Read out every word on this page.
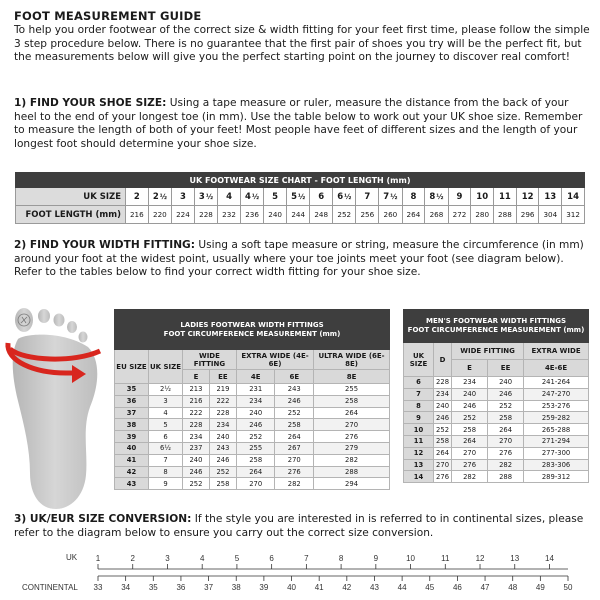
FOOT MEASUREMENT GUIDE
To help you order footwear of the correct size & width fitting for your feet first time, please follow the simple 3 step procedure below. There is no guarantee that the first pair of shoes you try will be the perfect fit, but the measurements below will give you the perfect starting point on the journey to discover real comfort!
1) FIND YOUR SHOE SIZE: Using a tape measure or ruler, measure the distance from the back of your heel to the end of your longest toe (in mm). Use the table below to work out your UK shoe size. Remember to measure the length of both of your feet! Most people have feet of different sizes and the length of your longest foot should determine your shoe size.
UK FOOTWEAR SIZE CHART - FOOT LENGTH (mm)																				
UK SIZE	2	2½	3	3½	4	4½	5	5½	6	6½	7	7½	8	8½	9	10	11	12	13	14
FOOT LENGTH (mm)	216	220	224	228	232	236	240	244	248	252	256	260	264	268	272	280	288	296	304	312
2) FIND YOUR WIDTH FITTING: Using a soft tape measure or string, measure the circumference (in mm) around your foot at the widest point, usually where your toe joints meet your foot (see diagram below). Refer to the tables below to find your correct width fitting for your shoe size.
LADIES FOOTWEAR WIDTH FITTINGS
FOOT CIRCUMFERENCE MEASUREMENT (mm)						

EU SIZE	UK SIZE	WIDE FITTING		EXTRA WIDE (4E-6E)		ULTRA WIDE (6E-8E)
		E	EE	4E	6E	8E
35	2½	213	219	231	243	255
36	3	216	222	234	246	258
37	4	222	228	240	252	264
38	5	228	234	246	258	270
39	6	234	240	252	264	276
40	6½	237	243	255	267	279
41	7	240	246	258	270	282
42	8	246	252	264	276	288
43	9	252	258	270	282	294
MEN'S FOOTWEAR WIDTH FITTINGS
FOOT CIRCUMFERENCE MEASUREMENT (mm)				

UK SIZE	D	WIDE FITTING		EXTRA WIDE
		E	EE	4E-6E
6	228	234	240	241-264
7	234	240	246	247-270
8	240	246	252	253-276
9	246	252	258	259-282
10	252	258	264	265-288
11	258	264	270	271-294
12	264	270	276	277-300
13	270	276	282	283-306
14	276	282	288	289-312
3) UK/EUR SIZE CONVERSION: If the style you are interested in is referred to in continental sizes, please refer to the diagram below to ensure you carry out the correct size conversion.
UK
CONTINENTAL
1	2	3	4	5	6	7	8	9	10	11	12	13	14
33 34 35 36 37 38 39 40 41 42 43 44 45 46 47 48 49 50
